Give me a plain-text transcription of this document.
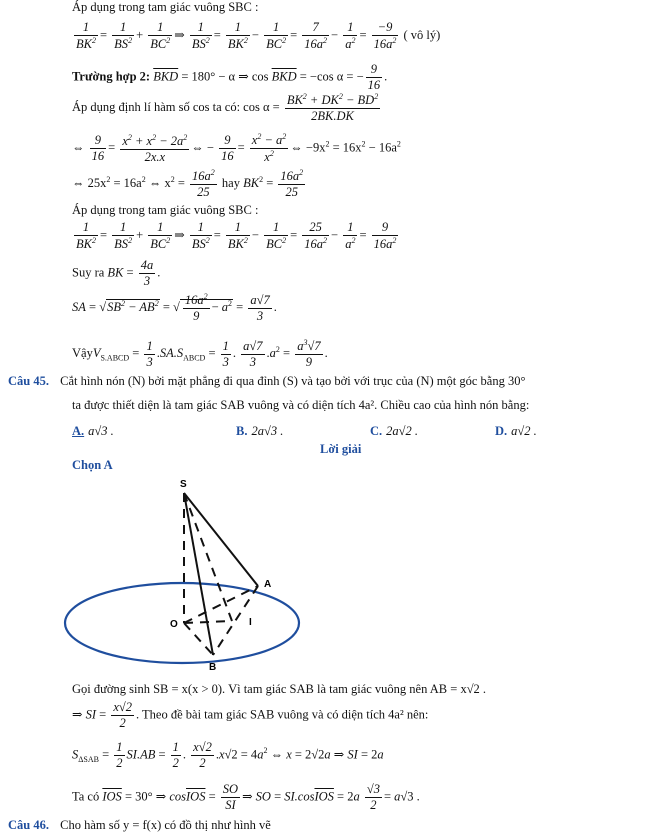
Áp dụng trong tam giác vuông SBC :
$\frac{1}{BK^2} = \frac{1}{BS^2} + \frac{1}{BC^2}$ ⇒ $\frac{1}{BS^2} = \frac{1}{BK^2} - \frac{1}{BC^2} = \frac{7}{16a^2} - \frac{1}{a^2} = \frac{-9}{16a^2}$ ( vô lý)
Trường hợp 2: $\overline{BKD} = 180^\circ - \alpha$ ⇒ $\cos \overline{BKD} = -\cos$ α = − $\frac{9}{16}$ .
Áp dụng định lí hàm số cos ta có: $\cos \alpha = \frac{BK^2 + DK^2 - BD^2}{2BK.DK}$
⇔ $\frac{9}{16} = \frac{x^2 + x^2 - 2a^2}{2x.x}$ ⇔ − $\frac{9}{16} = \frac{x^2 - a^2}{x^2}$ ⇔ $-9x^2 = 16x^2 - 16a^2$
⇔ $25x^2 = 16a^2$ ⇔ $x^2 = \frac{16a^2}{25}$ hay $BK^2 = \frac{16a^2}{25}$
Áp dụng trong tam giác vuông SBC :
$\frac{1}{BK^2} = \frac{1}{BS^2} + \frac{1}{BC^2}$ ⇒ $\frac{1}{BS^2} = \frac{1}{BK^2} - \frac{1}{BC^2} = \frac{25}{16a^2} - \frac{1}{a^2} = \frac{9}{16a^2}$
Suy ra BK = $\frac{4a}{3}$ .
SA = $√SB^2 - AB^2$ = √ $\frac{16a^2}{9} - a^2 = \frac{a√7}{3}$ .
VậyV$_{S.ABCD}$ = $\frac{1}{3} .SA.S_{ABCD} = \frac{1}{3}$ . $\frac{a√7}{3} .a^2 = \frac{a^3√7}{9}$ .
Câu 45. Cắt hình nón (N) bởi mặt phẳng đi qua đỉnh (S) và tạo bởi với trục của (N) một góc bằng 30°
ta được thiết diện là tam giác SAB vuông và có diện tích 4a². Chiều cao của hình nón bằng:
A. a√3 .	B. 2a√3 .	C. 2a√2 .	D. a√2 .
Lời giải
Chọn A
S
A
O	I
B
Gọi đường sinh SB = x(x > 0). Vì tam giác SAB là tam giác vuông nên AB = x√2 .
⇒ SI = $\frac{x√2}{2}$ . Theo đề bài tam giác SAB vuông và có diện tích 4a² nên:
$S_{\Delta SAB} = \frac{1}{2} SI.AB = \frac{1}{2}$ . $\frac{x√2}{2} .x√2 = 4a^2$ ⇔ x = 2√2a ⇒ SI = 2a
Ta có $\overline{IOS} = 30^\circ$ ⇒ $\cos\overline{IOS} = \frac{SO}{SI}$ ⇒ SO = $SI.\cos\overline{IOS} = 2a \frac{√3}{2} = a√3$ .
Câu 46. Cho hàm số y = f(x) có đồ thị như hình vẽ
